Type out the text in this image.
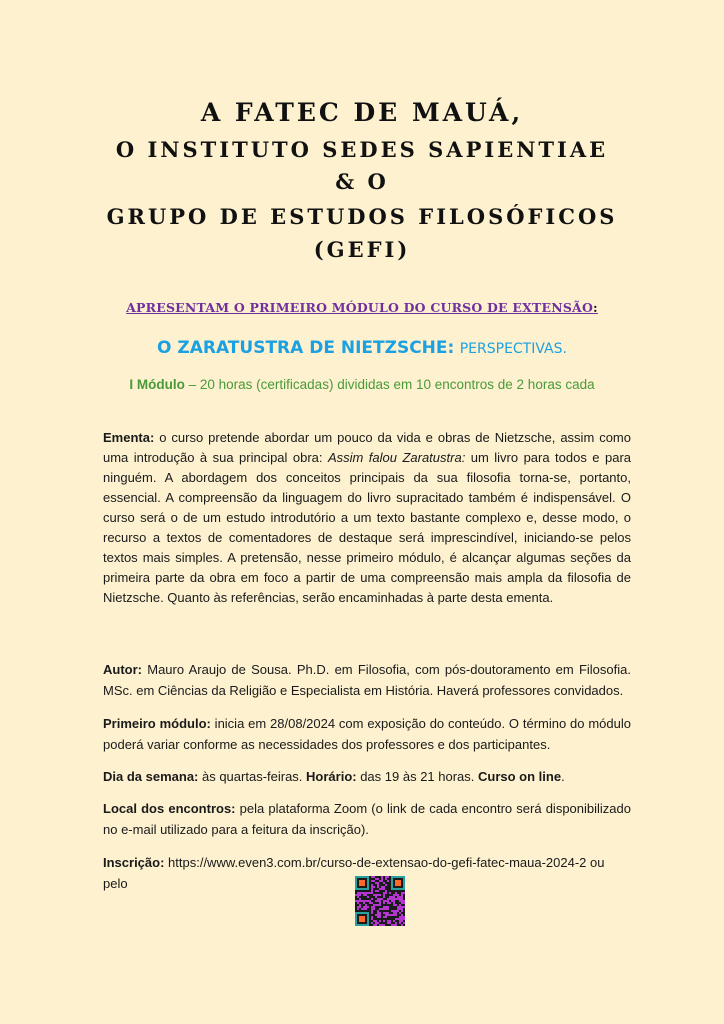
A FATEC DE MAUÁ,
O INSTITUTO SEDES SAPIENTIAE
& O
GRUPO DE ESTUDOS FILOSÓFICOS
(GEFI)
APRESENTAM O PRIMEIRO MÓDULO DO CURSO DE EXTENSÃO:
O ZARATUSTRA DE NIETZSCHE: PERSPECTIVAS.
I Módulo – 20 horas (certificadas) divididas em 10 encontros de 2 horas cada
Ementa: o curso pretende abordar um pouco da vida e obras de Nietzsche, assim como uma introdução à sua principal obra: Assim falou Zaratustra: um livro para todos e para ninguém. A abordagem dos conceitos principais da sua filosofia torna-se, portanto, essencial. A compreensão da linguagem do livro supracitado também é indispensável. O curso será o de um estudo introdutório a um texto bastante complexo e, desse modo, o recurso a textos de comentadores de destaque será imprescindível, iniciando-se pelos textos mais simples. A pretensão, nesse primeiro módulo, é alcançar algumas seções da primeira parte da obra em foco a partir de uma compreensão mais ampla da filosofia de Nietzsche. Quanto às referências, serão encaminhadas à parte desta ementa.
Autor: Mauro Araujo de Sousa. Ph.D. em Filosofia, com pós-doutoramento em Filosofia. MSc. em Ciências da Religião e Especialista em História. Haverá professores convidados.
Primeiro módulo: inicia em 28/08/2024 com exposição do conteúdo. O término do módulo poderá variar conforme as necessidades dos professores e dos participantes.
Dia da semana: às quartas-feiras. Horário: das 19 às 21 horas. Curso on line.
Local dos encontros: pela plataforma Zoom (o link de cada encontro será disponibilizado no e-mail utilizado para a feitura da inscrição).
Inscrição: https://www.even3.com.br/curso-de-extensao-do-gefi-fatec-maua-2024-2 ou pelo
